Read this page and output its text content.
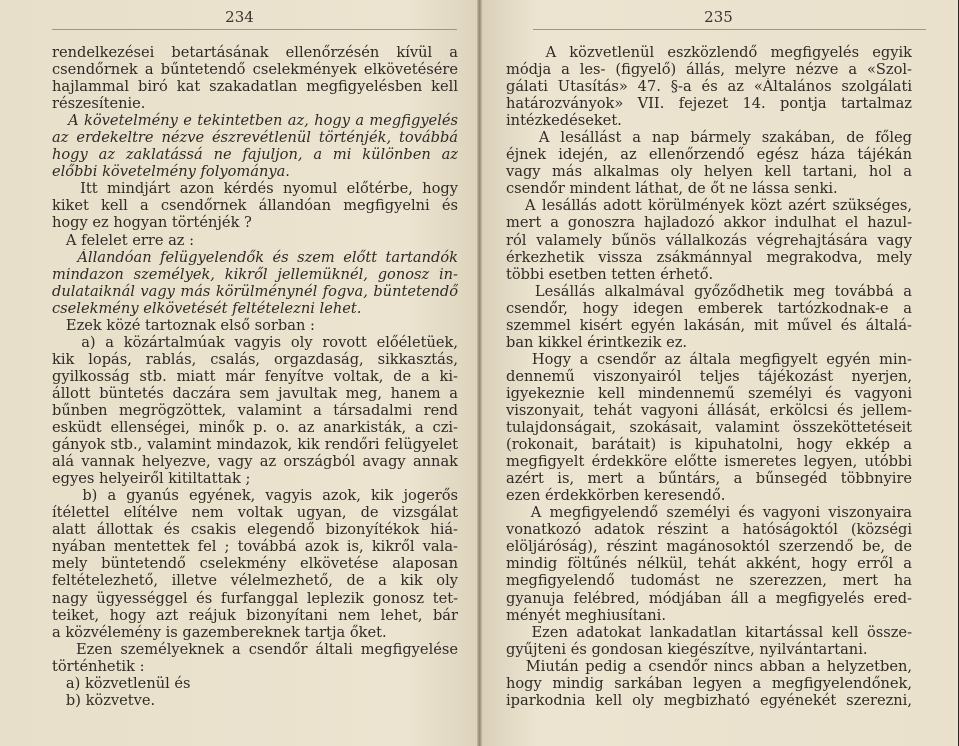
234
rendelkezései betartásának ellenőrzésén kívül a
csendőrnek a bűntetendő cselekmények elkövetésére
hajlammal biró kat szakadatlan megfigyelésben kell
részesítenie.
A követelmény e tekintetben az, hogy a megfigyelés
az erdekeltre nézve észrevétlenül történjék, továbbá
hogy az zaklatássá ne fajuljon, a mi különben az
előbbi követelmény folyománya.
Itt mindjárt azon kérdés nyomul előtérbe, hogy
kiket kell a csendőrnek állandóan megfigyelni és
hogy ez hogyan történjék ?
A felelet erre az :
Állandóan felügyelendők és szem előtt tartandók
mindazon személyek, kikről jellemüknél, gonosz in-
dulataiknál vagy más körülménynél fogva, büntetendő
cselekmény elkövetését feltételezni lehet.
Ezek közé tartoznak első sorban :
a) a közártalmúak vagyis oly rovott előéletüek,
kik lopás, rablás, csalás, orgazdaság, sikkasztás,
gyilkosság stb. miatt már fenyítve voltak, de a ki-
állott büntetés daczára sem javultak meg, hanem a
bűnben megrögzöttek, valamint a társadalmi rend
esküdt ellenségei, minők p. o. az anarkisták, a czi-
gányok stb., valamint mindazok, kik rendőri felügyelet
alá vannak helyezve, vagy az országból avagy annak
egyes helyeiről kitiltattak ;
b) a gyanús egyének, vagyis azok, kik jogerős
ítélettel elítélve nem voltak ugyan, de vizsgálat
alatt állottak és csakis elegendő bizonyítékok hiá-
nyában mentettek fel ; továbbá azok is, kikről vala-
mely büntetendő cselekmény elkövetése alaposan
feltételezhető, illetve vélelmezhető, de a kik oly
nagy ügyességgel és furfanggal leplezik gonosz tet-
teiket, hogy azt reájuk bizonyítani nem lehet, bár
a közvélemény is gazembereknek tartja őket.
Ezen személyeknek a csendőr általi megfigyelése
történhetik :
a) közvetlenül és
b) közvetve.
235
A közvetlenül eszközlendő megfigyelés egyik
módja a les- (figyelő) állás, melyre nézve a «Szol-
gálati Utasítás» 47. §-a és az «Általános szolgálati
határozványok» VII. fejezet 14. pontja tartalmaz
intézkedéseket.
A lesállást a nap bármely szakában, de főleg
éjnek idején, az ellenőrzendő egész háza tájékán
vagy más alkalmas oly helyen kell tartani, hol a
csendőr mindent láthat, de őt ne lássa senki.
A lesállás adott körülmények közt azért szükséges,
mert a gonoszra hajladozó akkor indulhat el hazul-
ról valamely bűnös vállalkozás végrehajtására vagy
érkezhetik vissza zsákmánnyal megrakodva, mely
többi esetben tetten érhető.
Lesállás alkalmával győződhetik meg továbbá a
csendőr, hogy idegen emberek tartózkodnak-e a
szemmel kisért egyén lakásán, mit művel és általá-
ban kikkel érintkezik ez.
Hogy a csendőr az általa megfigyelt egyén min-
dennemű viszonyairól teljes tájékozást nyerjen,
igyekeznie kell mindennemű személyi és vagyoni
viszonyait, tehát vagyoni állását, erkölcsi és jellem-
tulajdonságait, szokásait, valamint összeköttetéseit
(rokonait, barátait) is kipuhatolni, hogy ekkép a
megfigyelt érdekköre előtte ismeretes legyen, utóbbi
azért is, mert a bűntárs, a bűnsegéd többnyire
ezen érdekkörben keresendő.
A megfigyelendő személyi és vagyoni viszonyaira
vonatkozó adatok részint a hatóságoktól (községi
elöljáróság), részint magánosoktól szerzendő be, de
mindig föltűnés nélkül, tehát akként, hogy erről a
megfigyelendő tudomást ne szerezzen, mert ha
gyanuja felébred, módjában áll a megfigyelés ered-
ményét meghiusítani.
Ezen adatokat lankadatlan kitartással kell össze-
gyűjteni és gondosan kiegészítve, nyilvántartani.
Miután pedig a csendőr nincs abban a helyzetben,
hogy mindig sarkában legyen a megfigyelendőnek,
iparkodnia kell oly megbizható egyénekét szerezni,
